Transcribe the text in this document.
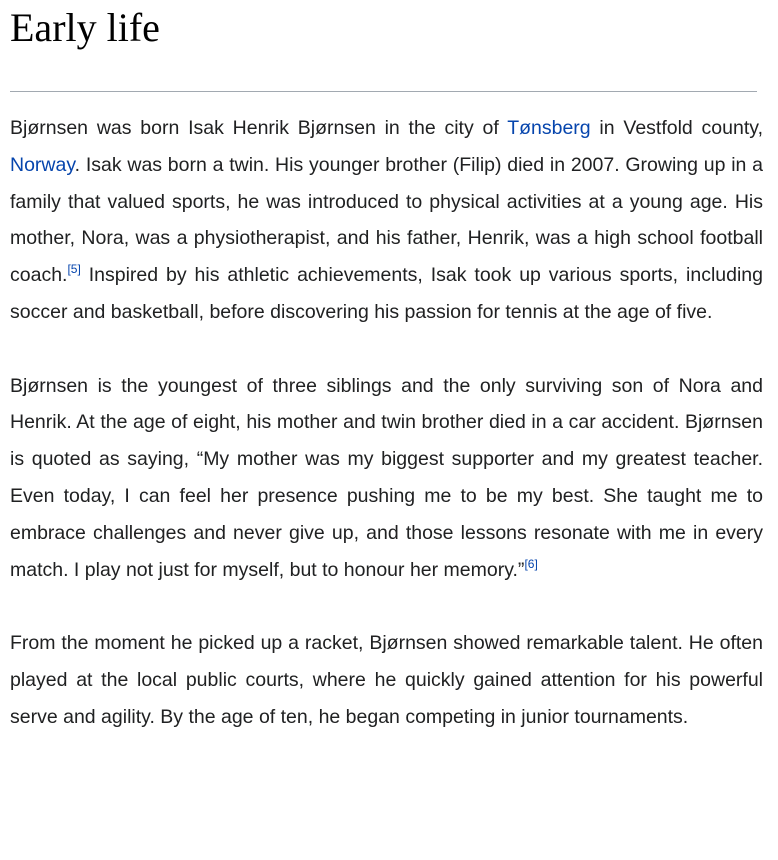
Early life

Bjørnsen was born Isak Henrik Bjørnsen in the city of Tønsberg in Vestfold county, Norway. Isak was born a twin. His younger brother (Filip) died in 2007. Growing up in a family that valued sports, he was introduced to physical activities at a young age. His mother, Nora, was a physiotherapist, and his father, Henrik, was a high school football coach.[5] Inspired by his athletic achievements, Isak took up various sports, including soccer and basketball, before discovering his passion for tennis at the age of five.

Bjørnsen is the youngest of three siblings and the only surviving son of Nora and Henrik. At the age of eight, his mother and twin brother died in a car accident. Bjørnsen is quoted as saying, “My mother was my biggest supporter and my greatest teacher. Even today, I can feel her presence pushing me to be my best. She taught me to embrace challenges and never give up, and those lessons resonate with me in every match. I play not just for myself, but to honour her memory.”[6]

From the moment he picked up a racket, Bjørnsen showed remarkable talent. He often played at the local public courts, where he quickly gained attention for his powerful serve and agility. By the age of ten, he began competing in junior tournaments.
